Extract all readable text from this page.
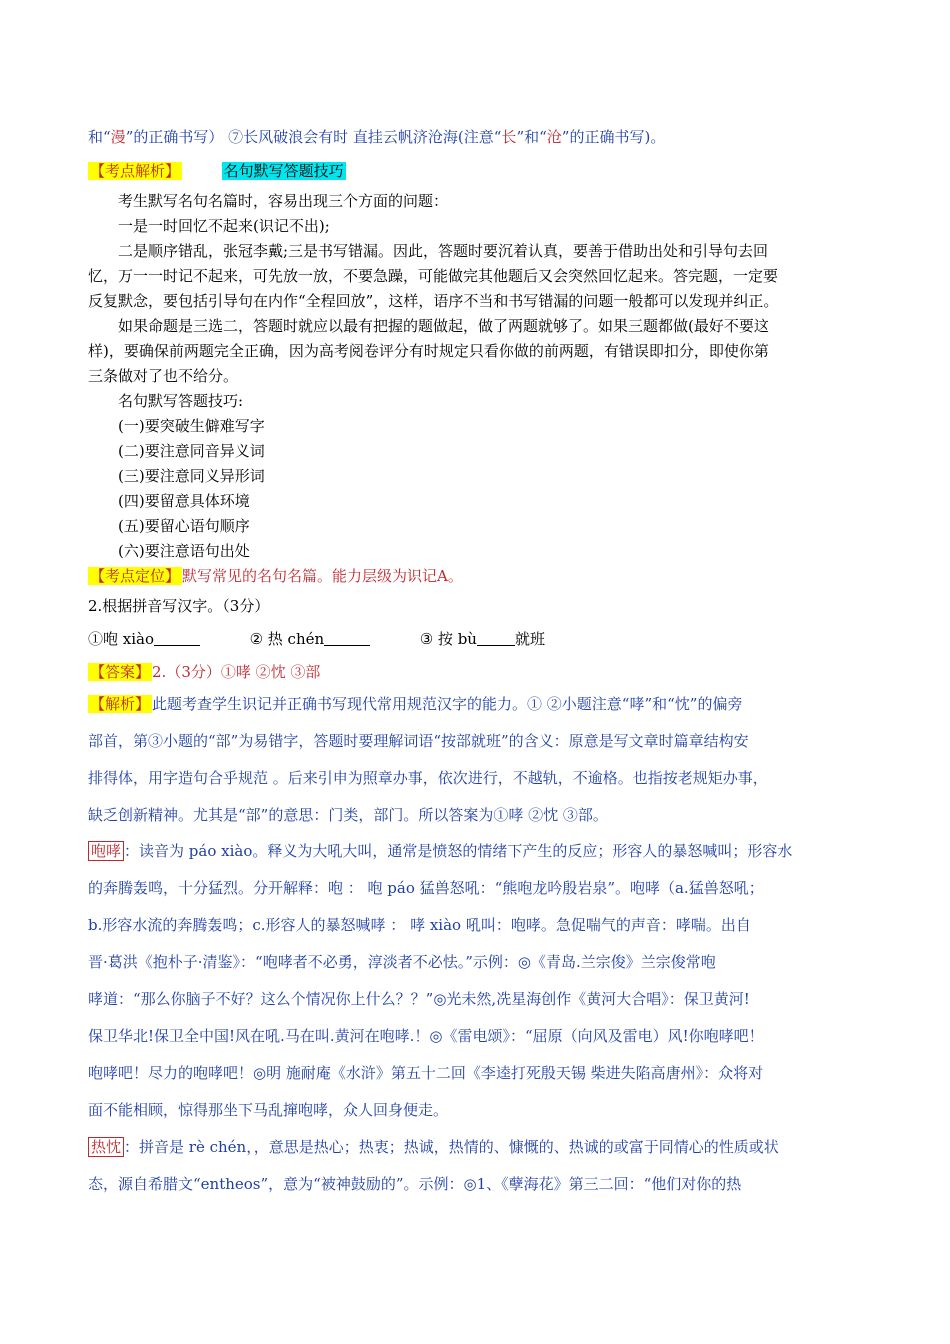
和“漫”的正确书写） ⑦长风破浪会有时 直挂云帆济沧海(注意“长”和“沧”的正确书写)。
【考点解析】	名句默写答题技巧
考生默写名句名篇时，容易出现三个方面的问题：
一是一时回忆不起来(识记不出);
二是顺序错乱，张冠李戴;三是书写错漏。因此，答题时要沉着认真，要善于借助出处和引导句去回
忆，万一一时记不起来，可先放一放，不要急躁，可能做完其他题后又会突然回忆起来。答完题，一定要
反复默念，要包括引导句在内作“全程回放”，这样，语序不当和书写错漏的问题一般都可以发现并纠正。
如果命题是三选二，答题时就应以最有把握的题做起，做了两题就够了。如果三题都做(最好不要这
样)，要确保前两题完全正确，因为高考阅卷评分有时规定只看你做的前两题，有错误即扣分，即使你第
三条做对了也不给分。
名句默写答题技巧:
(一)要突破生僻难写字
(二)要注意同音异义词
(三)要注意同义异形词
(四)要留意具体环境
(五)要留心语句顺序
(六)要注意语句出处
【考点定位】 默写常见的名句名篇。能力层级为识记A。
2.根据拼音写汉字。（3分）
①咆 xiào	② 热 chén	③ 按 bù	就班
【答案】 2.（3分）①哮 ②忱 ③部
【解析】 此题考查学生识记并正确书写现代常用规范汉字的能力。① ②小题注意“哮”和“忱”的偏旁
部首，第③小题的“部”为易错字，答题时要理解词语“按部就班”的含义：原意是写文章时篇章结构安
排得体，用字造句合乎规范 。后来引申为照章办事，依次进行，不越轨，不逾格。也指按老规矩办事，
缺乏创新精神。尤其是“部”的意思：门类，部门。所以答案为①哮 ②忱 ③部。
咆哮 ：读音为 páo xiào。释义为大吼大叫，通常是愤怒的情绪下产生的反应；形容人的暴怒喊叫；形容水
的奔腾轰鸣，十分猛烈。分开解释：咆 ： 咆 páo 猛兽怒吼：“熊咆龙吟殷岩泉”。咆哮（a.猛兽怒吼；
b.形容水流的奔腾轰鸣；c.形容人的暴怒喊哮 ： 哮 xiào 吼叫：咆哮。急促喘气的声音：哮喘。出自
晋·葛洪《抱朴子·清鉴》：“咆哮者不必勇，淳淡者不必怯。”示例：◎《青岛.兰宗俊》兰宗俊常咆
哮道：“那么你脑子不好？这么个情况你上什么？？”◎光未然,冼星海创作《黄河大合唱》：保卫黄河!
保卫华北!保卫全中国!风在吼.马在叫.黄河在咆哮.！◎《雷电颂》：“屈原（向风及雷电）风!你咆哮吧！
咆哮吧！尽力的咆哮吧！◎明 施耐庵《水浒》第五十二回《李逵打死殷天锡 柴进失陷高唐州》：众将对
面不能相顾，惊得那坐下马乱撺咆哮，众人回身便走。
热忱 ：拼音是 rè chén，，意思是热心；热衷；热诚，热情的、慷慨的、热诚的或富于同情心的性质或状
态，源自希腊文“entheos”，意为“被神鼓励的”。示例：◎1、《孽海花》第三二回：“他们对你的热
